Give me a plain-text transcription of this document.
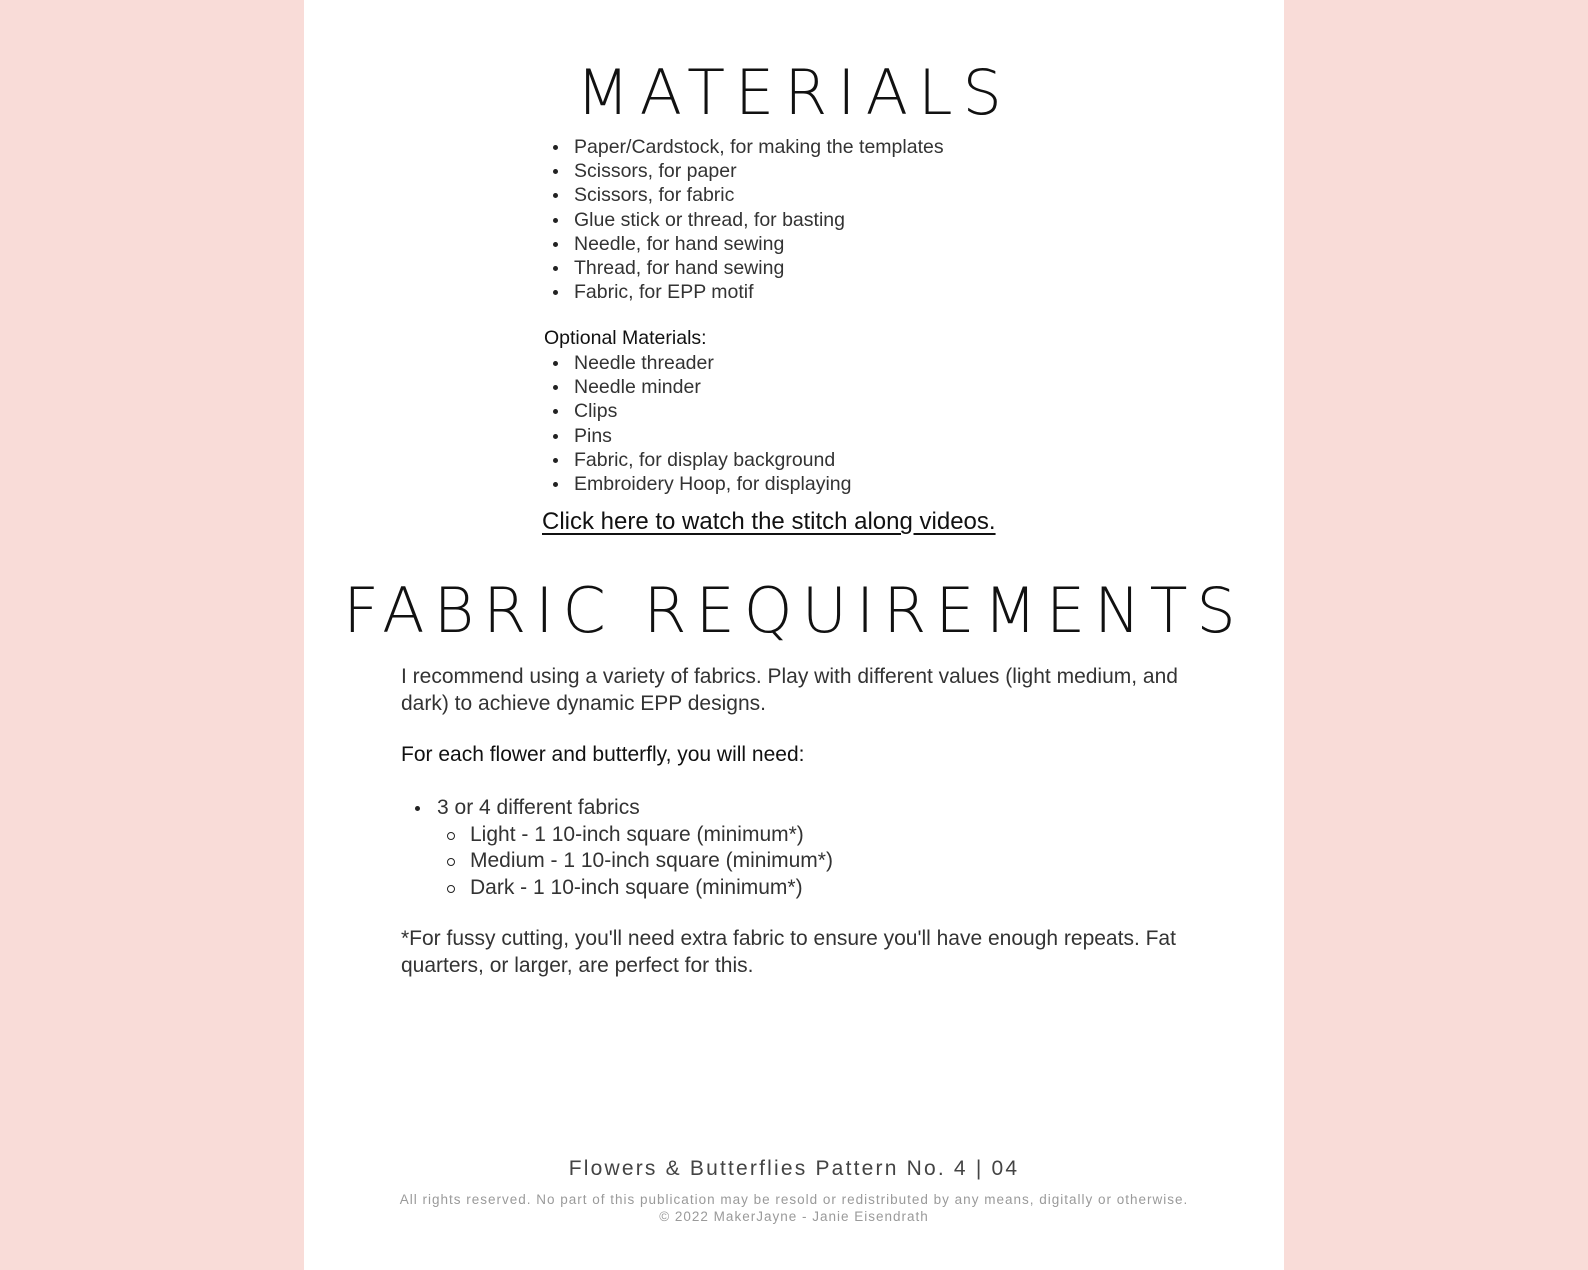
MATERIALS
Paper/Cardstock, for making the templates
Scissors, for paper
Scissors, for fabric
Glue stick or thread, for basting
Needle, for hand sewing
Thread, for hand sewing
Fabric, for EPP motif
Optional Materials:
Needle threader
Needle minder
Clips
Pins
Fabric, for display background
Embroidery Hoop, for displaying
Click here to watch the stitch along videos.
FABRIC REQUIREMENTS
I recommend using a variety of fabrics. Play with different values (light medium, and dark) to achieve dynamic EPP designs.
For each flower and butterfly, you will need:
3 or 4 different fabrics
Light - 1 10-inch square (minimum*)
Medium - 1 10-inch square (minimum*)
Dark - 1 10-inch square (minimum*)
*For fussy cutting, you'll need extra fabric to ensure you'll have enough repeats. Fat quarters, or larger, are perfect for this.
Flowers & Butterflies Pattern No. 4 | 04
All rights reserved. No part of this publication may be resold or redistributed by any means, digitally or otherwise.
© 2022 MakerJayne - Janie Eisendrath
